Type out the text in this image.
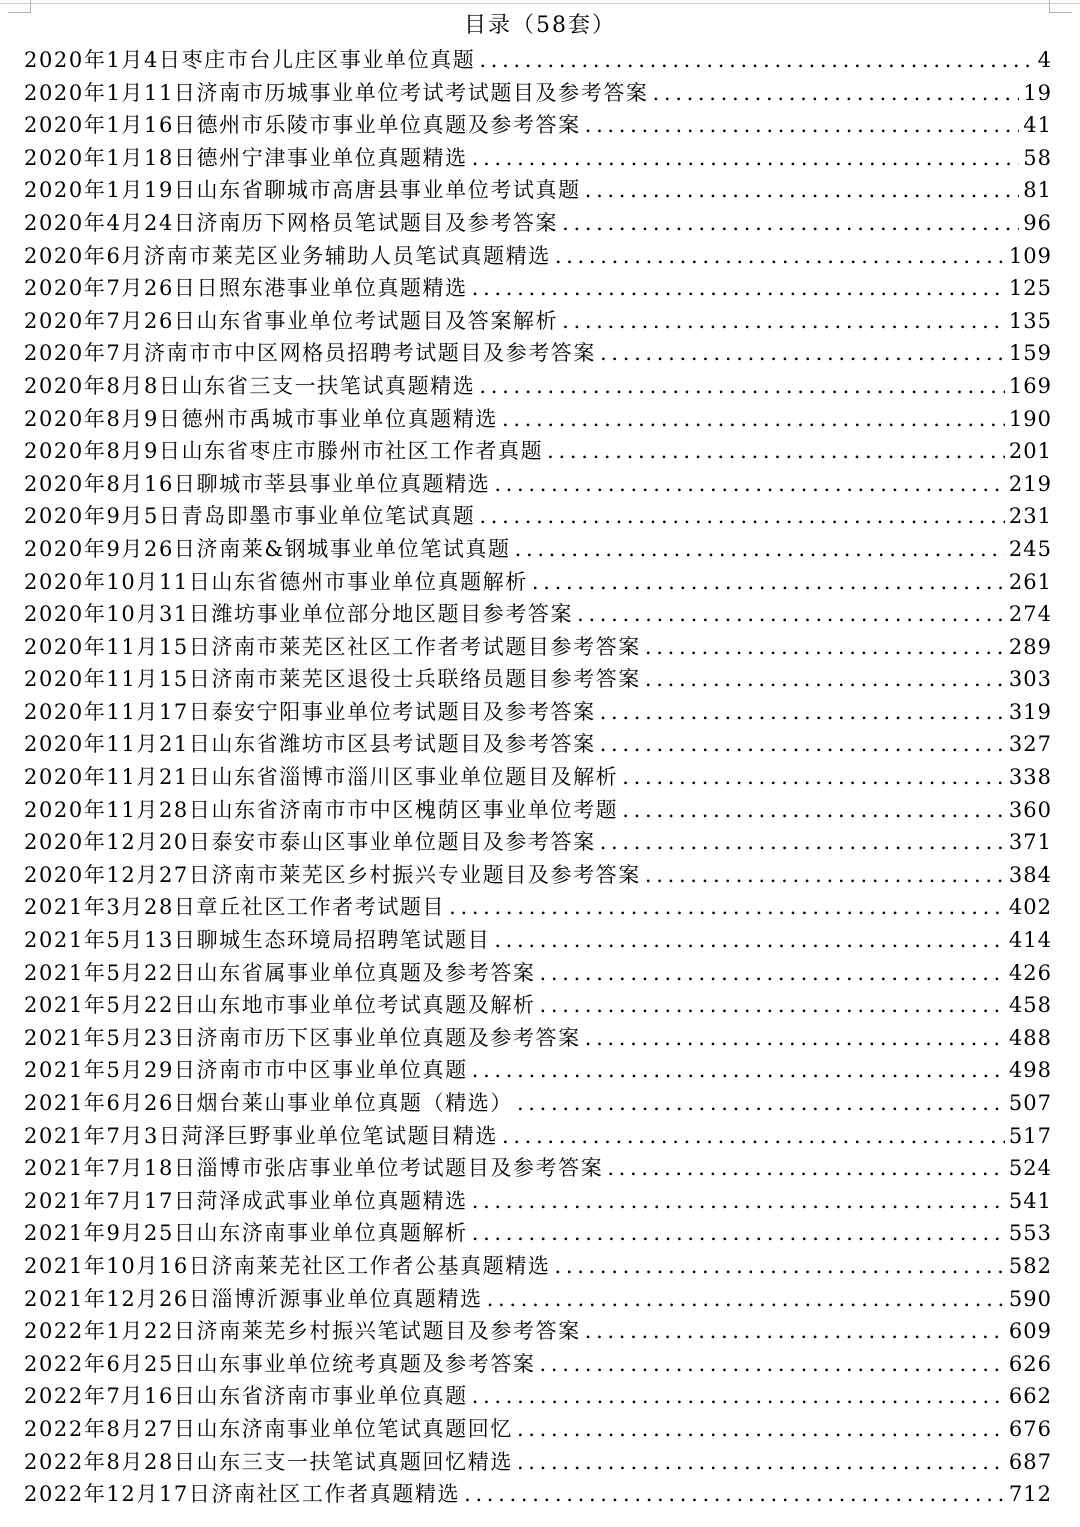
目录（58套）
2020年1月4日枣庄市台儿庄区事业单位真题 . . .	4
2020年1月11日济南市历城事业单位考试考试题目及参考答案 . . .	19
2020年1月16日德州市乐陵市事业单位真题及参考答案 . . .	41
2020年1月18日德州宁津事业单位真题精选 . . .	58
2020年1月19日山东省聊城市高唐县事业单位考试真题 . . .	81
2020年4月24日济南历下网格员笔试题目及参考答案 . . .	96
2020年6月济南市莱芜区业务辅助人员笔试真题精选 . . .	109
2020年7月26日日照东港事业单位真题精选 . . .	125
2020年7月26日山东省事业单位考试题目及答案解析 . . .	135
2020年7月济南市市中区网格员招聘考试题目及参考答案 . . .	159
2020年8月8日山东省三支一扶笔试真题精选 . . .	169
2020年8月9日德州市禹城市事业单位真题精选 . . .	190
2020年8月9日山东省枣庄市滕州市社区工作者真题 . . .	201
2020年8月16日聊城市莘县事业单位真题精选 . . .	219
2020年9月5日青岛即墨市事业单位笔试真题 . . .	231
2020年9月26日济南莱&钢城事业单位笔试真题 . . .	245
2020年10月11日山东省德州市事业单位真题解析 . . .	261
2020年10月31日潍坊事业单位部分地区题目参考答案 . . .	274
2020年11月15日济南市莱芜区社区工作者考试题目参考答案 . . .	289
2020年11月15日济南市莱芜区退役士兵联络员题目参考答案 . . .	303
2020年11月17日泰安宁阳事业单位考试题目及参考答案 . . .	319
2020年11月21日山东省潍坊市区县考试题目及参考答案 . . .	327
2020年11月21日山东省淄博市淄川区事业单位题目及解析 . . .	338
2020年11月28日山东省济南市市中区槐荫区事业单位考题 . . .	360
2020年12月20日泰安市泰山区事业单位题目及参考答案 . . .	371
2020年12月27日济南市莱芜区乡村振兴专业题目及参考答案 . . .	384
2021年3月28日章丘社区工作者考试题目 . . .	402
2021年5月13日聊城生态环境局招聘笔试题目 . . .	414
2021年5月22日山东省属事业单位真题及参考答案 . . .	426
2021年5月22日山东地市事业单位考试真题及解析 . . .	458
2021年5月23日济南市历下区事业单位真题及参考答案 . . .	488
2021年5月29日济南市市中区事业单位真题 . . .	498
2021年6月26日烟台莱山事业单位真题（精选） . . .	507
2021年7月3日菏泽巨野事业单位笔试题目精选 . . .	517
2021年7月18日淄博市张店事业单位考试题目及参考答案 . . .	524
2021年7月17日菏泽成武事业单位真题精选 . . .	541
2021年9月25日山东济南事业单位真题解析 . . .	553
2021年10月16日济南莱芜社区工作者公基真题精选 . . .	582
2021年12月26日淄博沂源事业单位真题精选 . . .	590
2022年1月22日济南莱芜乡村振兴笔试题目及参考答案 . . .	609
2022年6月25日山东事业单位统考真题及参考答案 . . .	626
2022年7月16日山东省济南市事业单位真题 . . .	662
2022年8月27日山东济南事业单位笔试真题回忆 . . .	676
2022年8月28日山东三支一扶笔试真题回忆精选 . . .	687
2022年12月17日济南社区工作者真题精选 . . .	712
